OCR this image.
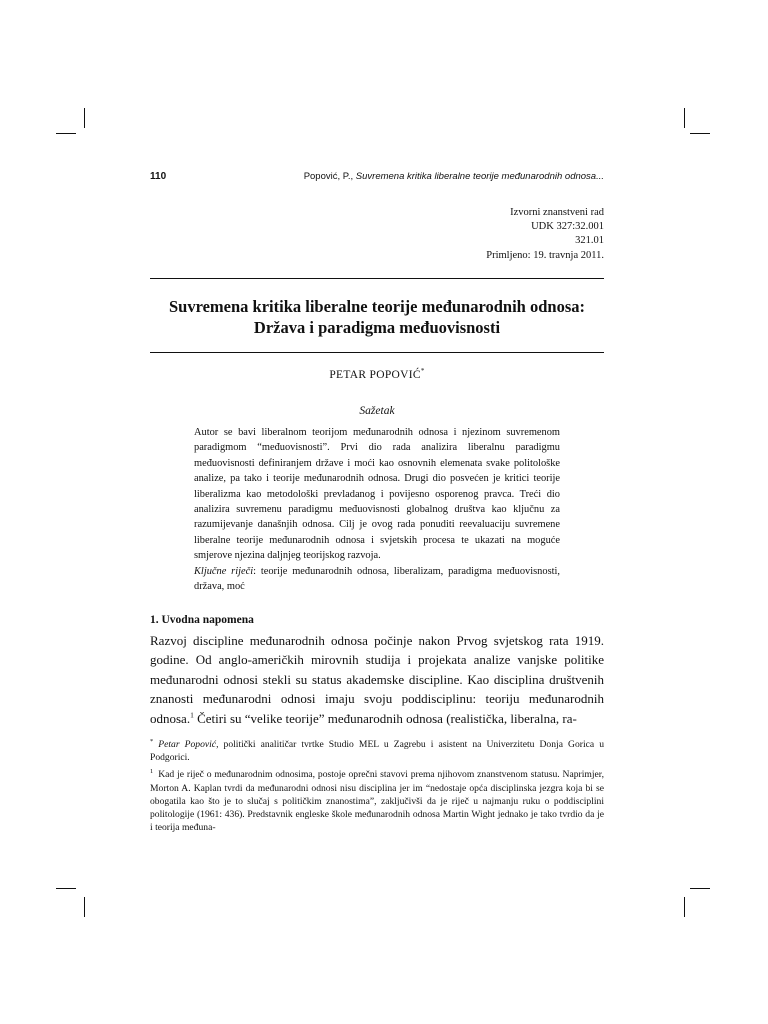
110	Popović, P., Suvremena kritika liberalne teorije međunarodnih odnosa...
Izvorni znanstveni rad
UDK 327:32.001
321.01
Primljeno: 19. travnja 2011.
Suvremena kritika liberalne teorije međunarodnih odnosa:
Država i paradigma međuovisnosti
PETAR POPOVIĆ*
Sažetak

Autor se bavi liberalnom teorijom međunarodnih odnosa i njezinom suvremenom paradigmom “međuovisnosti”. Prvi dio rada analizira liberalnu paradigmu međuovisnosti definiranjem države i moći kao osnovnih elemenata svake politološke analize, pa tako i teorije međunarodnih odnosa. Drugi dio posvećen je kritici teorije liberalizma kao metodološki prevladanog i povijesno osporenog pravca. Treći dio analizira suvremenu paradigmu međuovisnosti globalnog društva kao ključnu za razumijevanje današnjih odnosa. Cilj je ovog rada ponuditi reevaluaciju suvremene liberalne teorije međunarodnih odnosa i svjetskih procesa te ukazati na moguće smjerove njezina daljnjeg teorijskog razvoja.

Ključne riječi: teorije međunarodnih odnosa, liberalizam, paradigma međuovisnosti, država, moć

1. Uvodna napomena

Razvoj discipline međunarodnih odnosa počinje nakon Prvog svjetskog rata 1919. godine. Od anglo-američkih mirovnih studija i projekata analize vanjske politike međunarodni odnosi stekli su status akademske discipline. Kao disciplina društvenih znanosti međunarodni odnosi imaju svoju poddisciplinu: teoriju međunarodnih odnosa.$^1$ Četiri su “velike teorije” međunarodnih odnosa (realistička, liberalna, ra-

* Petar Popović, politički analitičar tvrtke Studio MEL u Zagrebu i asistent na Univerzitetu Donja Gorica u Podgorici.

$^1$ Kad je riječ o međunarodnim odnosima, postoje oprečni stavovi prema njihovom znanstvenom statusu. Naprimjer, Morton A. Kaplan tvrdi da međunarodni odnosi nisu disciplina jer im “nedostaje opća disciplinska jezgra koja bi se obogatila kao što je to slučaj s političkim znanostima”, zaključivši da je riječ u najmanju ruku o poddisciplini politologije (1961: 436). Predstavnik engleske škole međunarodnih odnosa Martin Wight jednako je tako tvrdio da je i teorija međuna-
